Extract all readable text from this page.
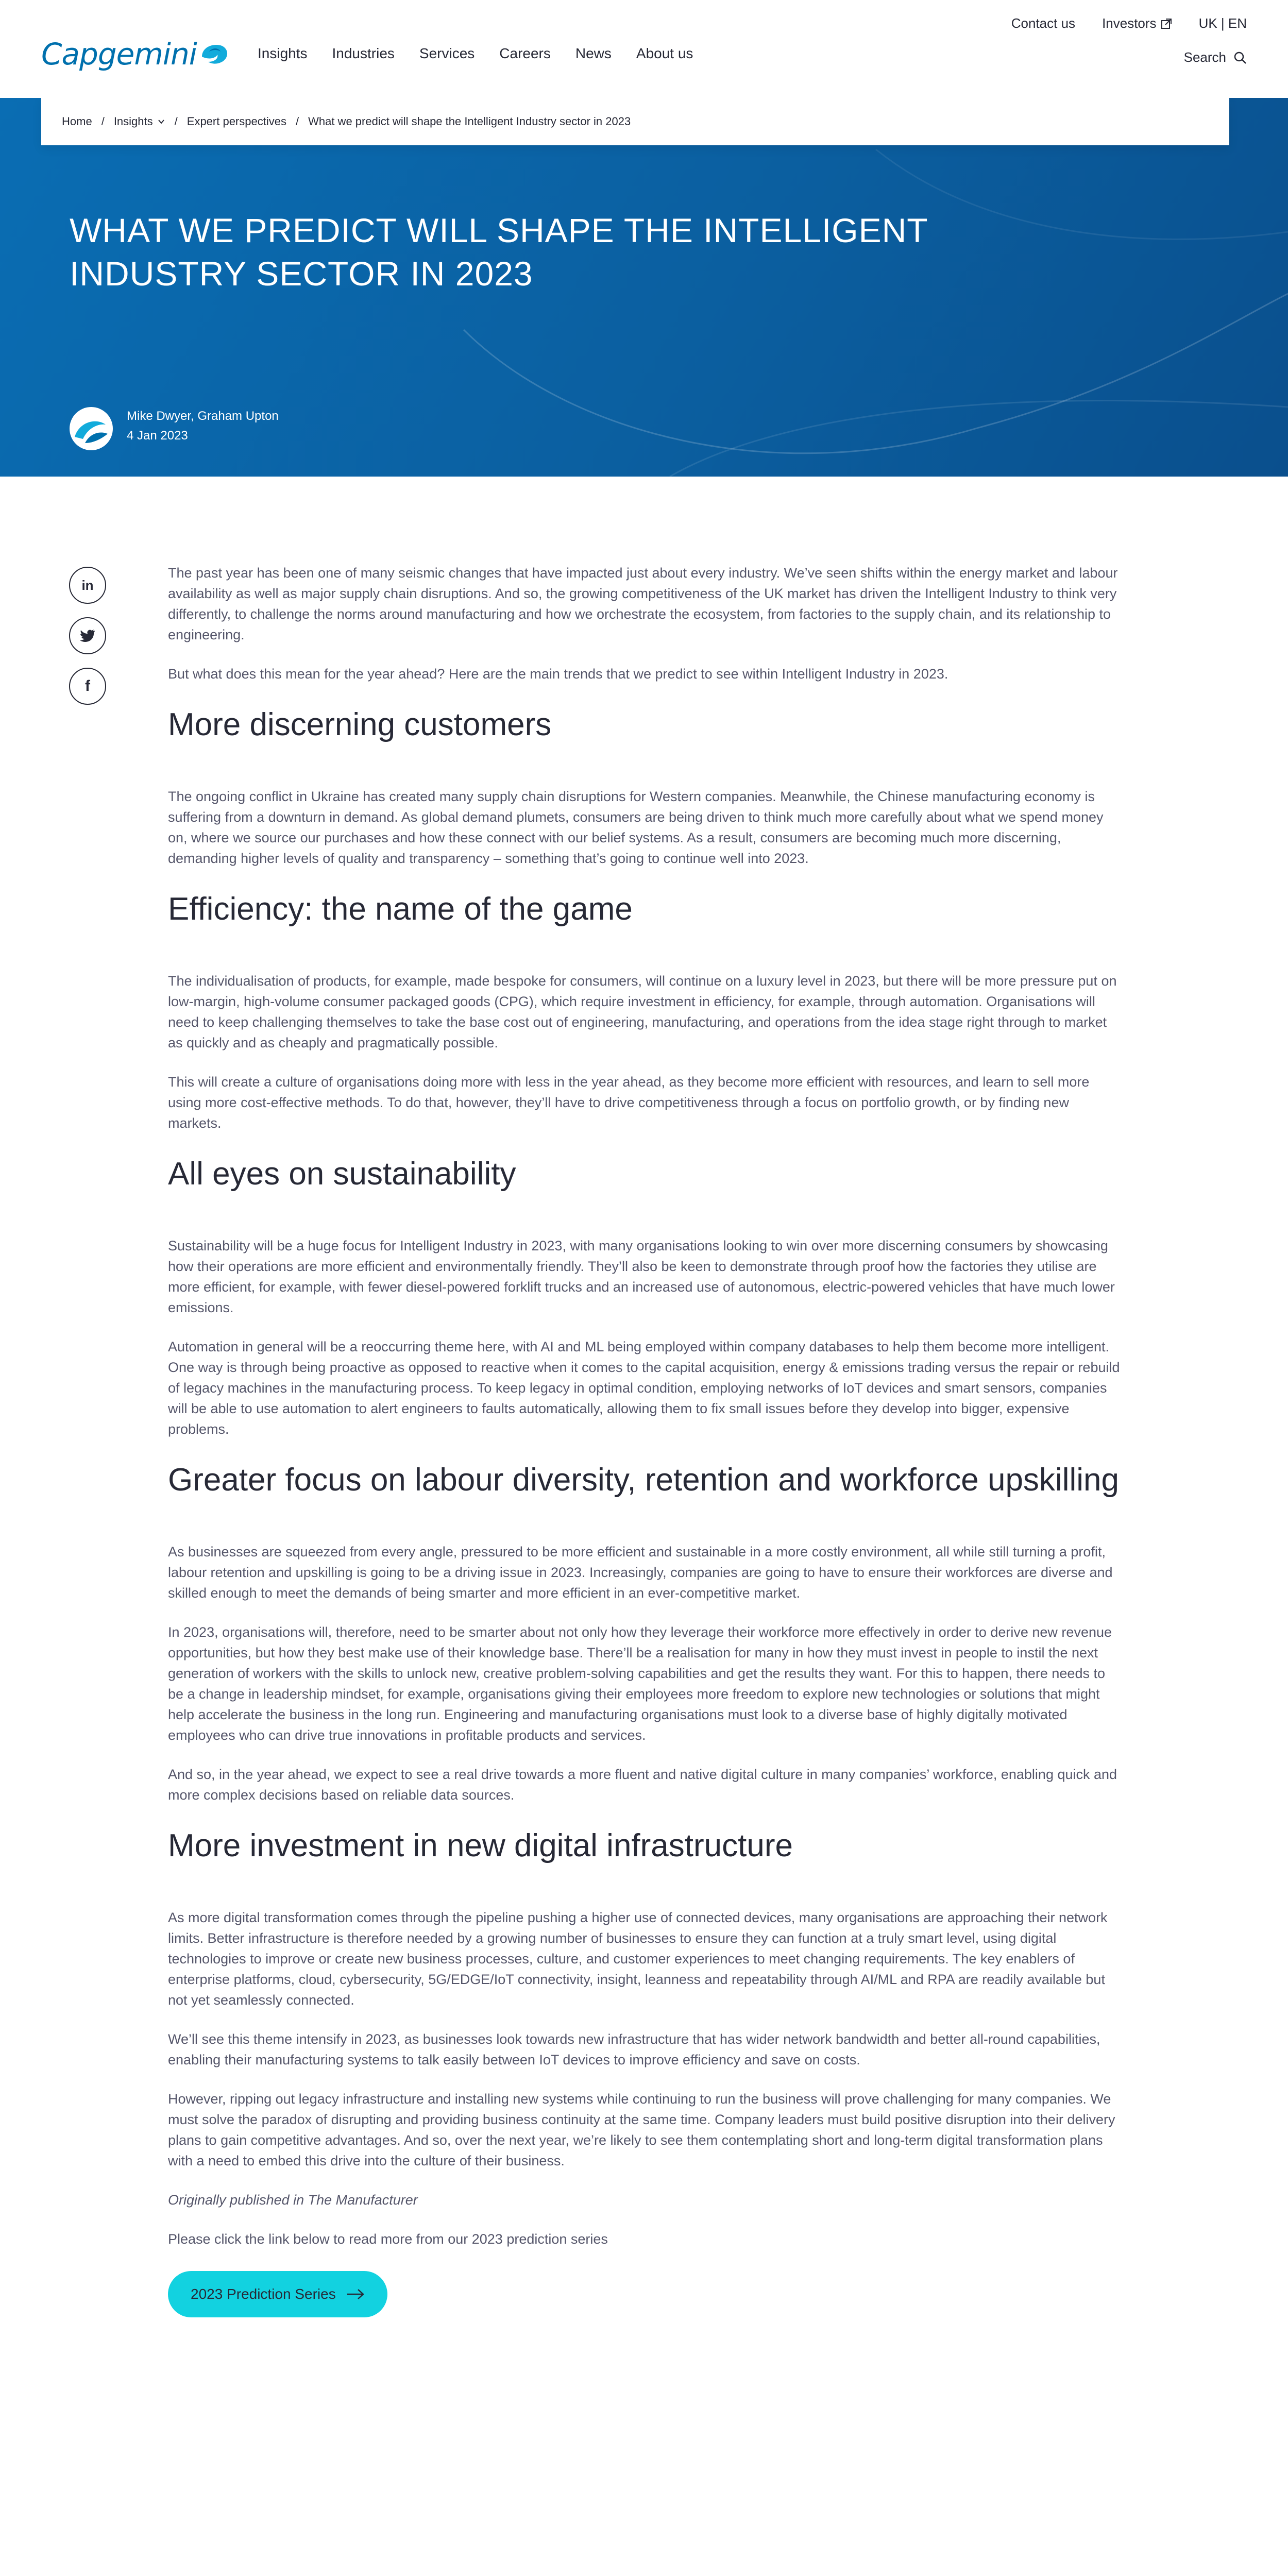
Capgemini	Insights Industries Services Careers News About us
Contact us Investors	UK | EN
Search
Home / Insights / Expert perspectives / What we predict will shape the Intelligent Industry sector in 2023
WHAT WE PREDICT WILL SHAPE THE INTELLIGENT INDUSTRY SECTOR IN 2023
Mike Dwyer, Graham Upton
4 Jan 2023
in
f

The past year has been one of many seismic changes that have impacted just about every industry. We’ve seen shifts within the energy market and labour availability as well as major supply chain disruptions. And so, the growing competitiveness of the UK market has driven the Intelligent Industry to think very differently, to challenge the norms around manufacturing and how we orchestrate the ecosystem, from factories to the supply chain, and its relationship to engineering.

But what does this mean for the year ahead? Here are the main trends that we predict to see within Intelligent Industry in 2023.

More discerning customers

The ongoing conflict in Ukraine has created many supply chain disruptions for Western companies. Meanwhile, the Chinese manufacturing economy is suffering from a downturn in demand. As global demand plumets, consumers are being driven to think much more carefully about what we spend money on, where we source our purchases and how these connect with our belief systems. As a result, consumers are becoming much more discerning, demanding higher levels of quality and transparency – something that’s going to continue well into 2023.

Efficiency: the name of the game

The individualisation of products, for example, made bespoke for consumers, will continue on a luxury level in 2023, but there will be more pressure put on low-margin, high-volume consumer packaged goods (CPG), which require investment in efficiency, for example, through automation. Organisations will need to keep challenging themselves to take the base cost out of engineering, manufacturing, and operations from the idea stage right through to market as quickly and as cheaply and pragmatically possible.

This will create a culture of organisations doing more with less in the year ahead, as they become more efficient with resources, and learn to sell more using more cost-effective methods. To do that, however, they’ll have to drive competitiveness through a focus on portfolio growth, or by finding new markets.

All eyes on sustainability

Sustainability will be a huge focus for Intelligent Industry in 2023, with many organisations looking to win over more discerning consumers by showcasing how their operations are more efficient and environmentally friendly. They’ll also be keen to demonstrate through proof how the factories they utilise are more efficient, for example, with fewer diesel-powered forklift trucks and an increased use of autonomous, electric-powered vehicles that have much lower emissions.

Automation in general will be a reoccurring theme here, with AI and ML being employed within company databases to help them become more intelligent. One way is through being proactive as opposed to reactive when it comes to the capital acquisition, energy & emissions trading versus the repair or rebuild of legacy machines in the manufacturing process. To keep legacy in optimal condition, employing networks of IoT devices and smart sensors, companies will be able to use automation to alert engineers to faults automatically, allowing them to fix small issues before they develop into bigger, expensive problems.

Greater focus on labour diversity, retention and workforce upskilling

As businesses are squeezed from every angle, pressured to be more efficient and sustainable in a more costly environment, all while still turning a profit, labour retention and upskilling is going to be a driving issue in 2023. Increasingly, companies are going to have to ensure their workforces are diverse and skilled enough to meet the demands of being smarter and more efficient in an ever-competitive market.

In 2023, organisations will, therefore, need to be smarter about not only how they leverage their workforce more effectively in order to derive new revenue opportunities, but how they best make use of their knowledge base. There’ll be a realisation for many in how they must invest in people to instil the next generation of workers with the skills to unlock new, creative problem-solving capabilities and get the results they want. For this to happen, there needs to be a change in leadership mindset, for example, organisations giving their employees more freedom to explore new technologies or solutions that might help accelerate the business in the long run. Engineering and manufacturing organisations must look to a diverse base of highly digitally motivated employees who can drive true innovations in profitable products and services.

And so, in the year ahead, we expect to see a real drive towards a more fluent and native digital culture in many companies’ workforce, enabling quick and more complex decisions based on reliable data sources.

More investment in new digital infrastructure

As more digital transformation comes through the pipeline pushing a higher use of connected devices, many organisations are approaching their network limits. Better infrastructure is therefore needed by a growing number of businesses to ensure they can function at a truly smart level, using digital technologies to improve or create new business processes, culture, and customer experiences to meet changing requirements. The key enablers of enterprise platforms, cloud, cybersecurity, 5G/EDGE/IoT connectivity, insight, leanness and repeatability through AI/ML and RPA are readily available but not yet seamlessly connected.

We’ll see this theme intensify in 2023, as businesses look towards new infrastructure that has wider network bandwidth and better all-round capabilities, enabling their manufacturing systems to talk easily between IoT devices to improve efficiency and save on costs.

However, ripping out legacy infrastructure and installing new systems while continuing to run the business will prove challenging for many companies. We must solve the paradox of disrupting and providing business continuity at the same time. Company leaders must build positive disruption into their delivery plans to gain competitive advantages. And so, over the next year, we’re likely to see them contemplating short and long-term digital transformation plans with a need to embed this drive into the culture of their business.

Originally published in The Manufacturer

Please click the link below to read more from our 2023 prediction series

2023 Prediction Series
